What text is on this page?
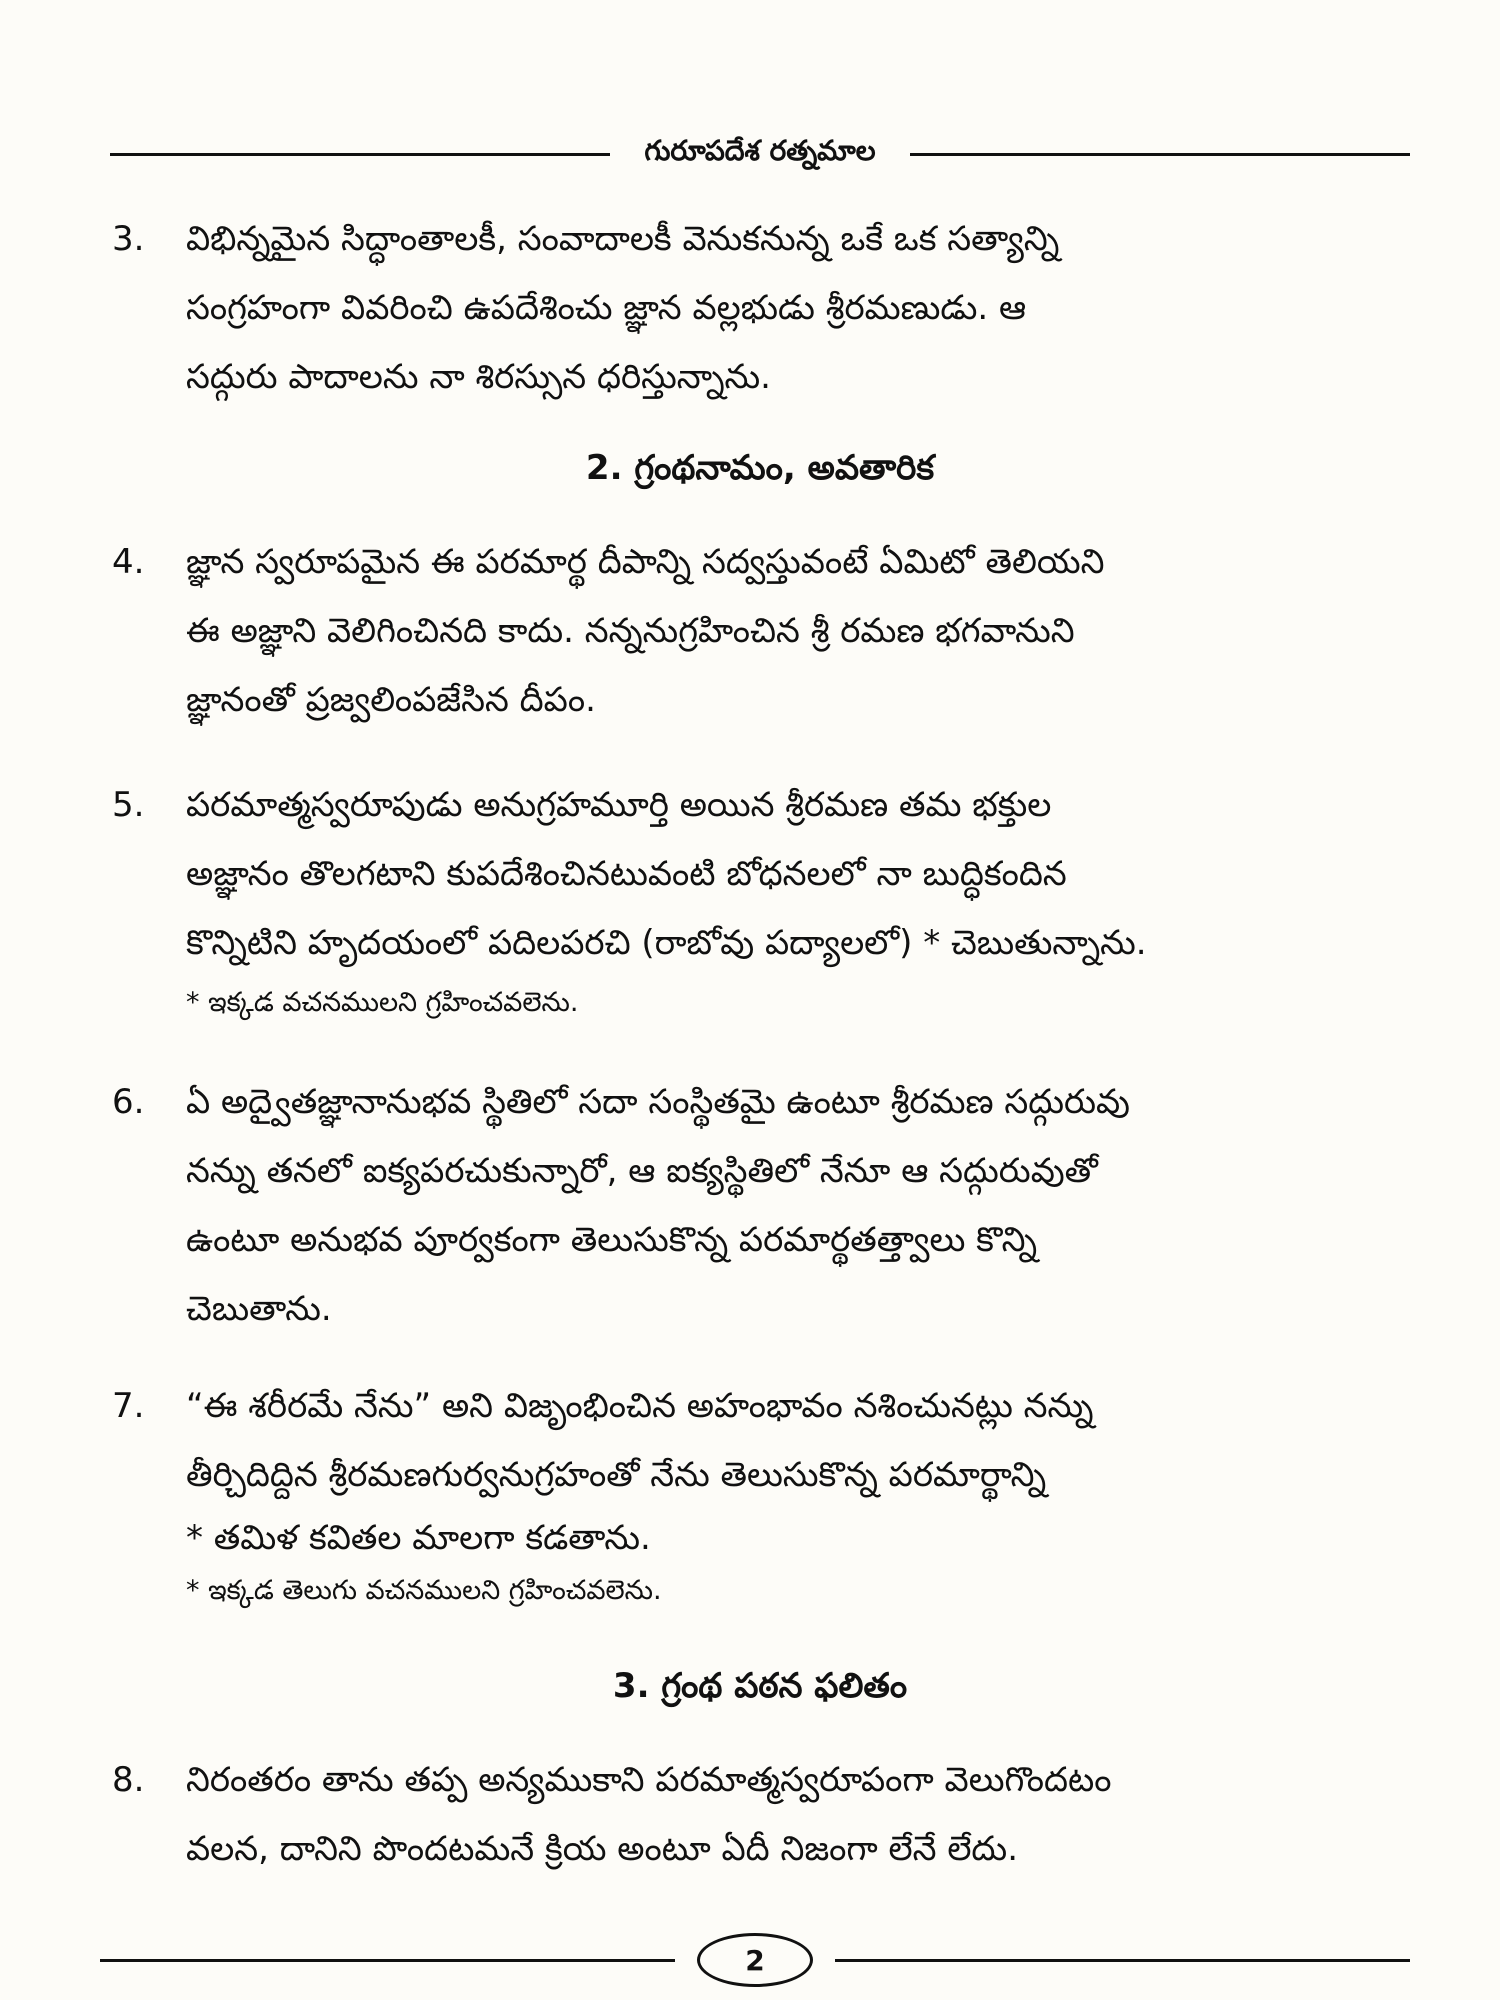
గురూపదేశ రత్నమాల
3.	విభిన్నమైన సిద్ధాంతాలకీ, సంవాదాలకీ వెనుకనున్న ఒకే ఒక సత్యాన్ని
సంగ్రహంగా వివరించి ఉపదేశించు జ్ఞాన వల్లభుడు శ్రీరమణుడు. ఆ
సద్గురు పాదాలను నా శిరస్సున ధరిస్తున్నాను.
2. గ్రంథనామం, అవతారిక
4.	జ్ఞాన స్వరూపమైన ఈ పరమార్థ దీపాన్ని సద్వస్తువంటే ఏమిటో తెలియని
ఈ అజ్ఞాని వెలిగించినది కాదు. నన్ననుగ్రహించిన శ్రీ రమణ భగవానుని
జ్ఞానంతో ప్రజ్వలింపజేసిన దీపం.
5.	పరమాత్మస్వరూపుడు అనుగ్రహమూర్తి అయిన శ్రీరమణ తమ భక్తుల
అజ్ఞానం తొలగటాని కుపదేశించినటువంటి బోధనలలో నా బుద్ధికందిన
కొన్నిటిని హృదయంలో పదిలపరచి (రాబోవు పద్యాలలో) * చెబుతున్నాను.
* ఇక్కడ వచనములని గ్రహించవలెను.
6.	ఏ అద్వైతజ్ఞానానుభవ స్థితిలో సదా సంస్థితమై ఉంటూ శ్రీరమణ సద్గురువు
నన్ను తనలో ఐక్యపరచుకున్నారో, ఆ ఐక్యస్థితిలో నేనూ ఆ సద్గురువుతో
ఉంటూ అనుభవ పూర్వకంగా తెలుసుకొన్న పరమార్థతత్త్వాలు కొన్ని
చెబుతాను.
7.	“ఈ శరీరమే నేను” అని విజృంభించిన అహంభావం నశించునట్లు నన్ను
తీర్చిదిద్దిన శ్రీరమణగుర్వనుగ్రహంతో నేను తెలుసుకొన్న పరమార్థాన్ని
* తమిళ కవితల మాలగా కడతాను.
* ఇక్కడ తెలుగు వచనములని గ్రహించవలెను.
3. గ్రంథ పఠన ఫలితం
8.	నిరంతరం తాను తప్ప అన్యముకాని పరమాత్మస్వరూపంగా వెలుగొందటం
వలన, దానిని పొందటమనే క్రియ అంటూ ఏదీ నిజంగా లేనే లేదు.
2
